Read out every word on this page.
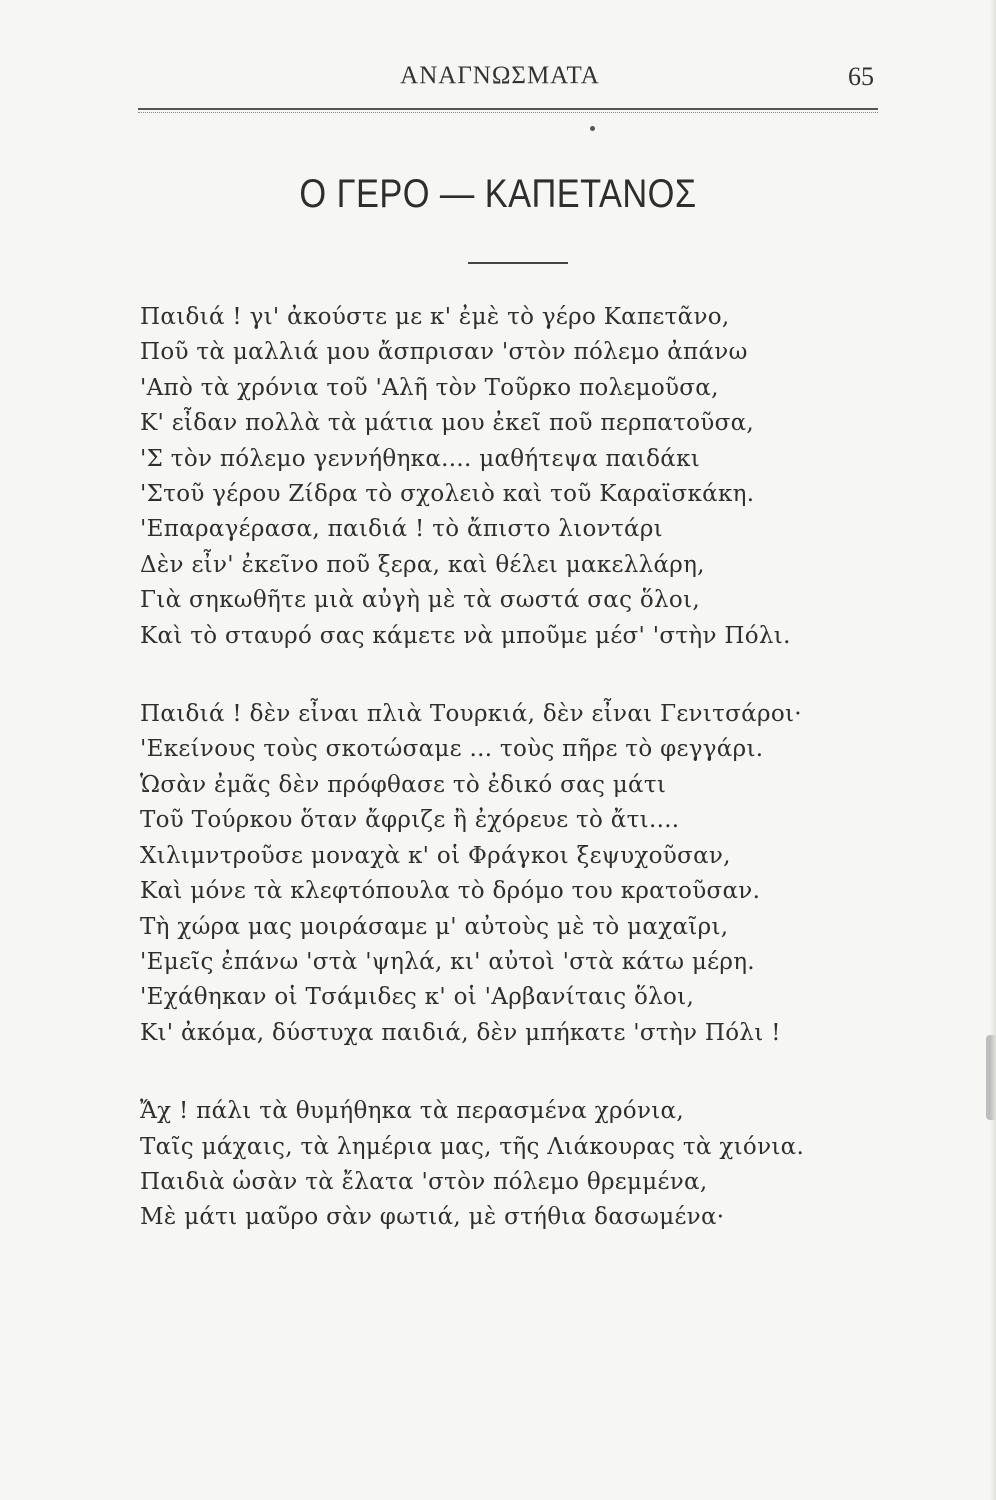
ΑΝΑΓΝΩΣΜΑΤΑ	65
Ο ΓΕΡΟ — ΚΑΠΕΤΑΝΟΣ
Παιδιά ! γι' ἀκούστε με κ' ἐμὲ τὸ γέρο Καπετᾶνο,
Ποῦ τὰ μαλλιά μου ἄσπρισαν 'στὸν πόλεμο ἀπάνω
'Απὸ τὰ χρόνια τοῦ 'Αλῆ τὸν Τοῦρκο πολεμοῦσα,
Κ' εἶδαν πολλὰ τὰ μάτια μου ἐκεῖ ποῦ περπατοῦσα,
'Σ τὸν πόλεμο γεννήθηκα.... μαθήτεψα παιδάκι
'Στοῦ γέρου Ζίδρα τὸ σχολειὸ καὶ τοῦ Καραϊσκάκη.
'Επαραγέρασα, παιδιά ! τὸ ἄπιστο λιοντάρι
Δὲν εἶν' ἐκεῖνο ποῦ ξερα, καὶ θέλει μακελλάρη,
Γιὰ σηκωθῆτε μιὰ αὐγὴ μὲ τὰ σωστά σας ὅλοι,
Καὶ τὸ σταυρό σας κάμετε νὰ μποῦμε μέσ' 'στὴν Πόλι.
Παιδιά ! δὲν εἶναι πλιὰ Τουρκιά, δὲν εἶναι Γενιτσάροι·
'Εκείνους τοὺς σκοτώσαμε ... τοὺς πῆρε τὸ φεγγάρι.
Ὡσὰν ἐμᾶς δὲν πρόφθασε τὸ ἐδικό σας μάτι
Τοῦ Τούρκου ὅταν ἄφριζε ἢ ἐχόρευε τὸ ἄτι....
Χιλιμντροῦσε μοναχὰ κ' οἱ Φράγκοι ξεψυχοῦσαν,
Καὶ μόνε τὰ κλεφτόπουλα τὸ δρόμο του κρατοῦσαν.
Τὴ χώρα μας μοιράσαμε μ' αὐτοὺς μὲ τὸ μαχαῖρι,
'Εμεῖς ἐπάνω 'στὰ 'ψηλά, κι' αὐτοὶ 'στὰ κάτω μέρη.
'Εχάθηκαν οἱ Τσάμιδες κ' οἱ 'Αρβανίταις ὅλοι,
Κι' ἀκόμα, δύστυχα παιδιά, δὲν μπήκατε 'στὴν Πόλι !
Ἄχ ! πάλι τὰ θυμήθηκα τὰ περασμένα χρόνια,
Ταῖς μάχαις, τὰ λημέρια μας, τῆς Λιάκουρας τὰ χιόνια.
Παιδιὰ ὡσὰν τὰ ἔλατα 'στὸν πόλεμο θρεμμένα,
Μὲ μάτι μαῦρο σὰν φωτιά, μὲ στήθια δασωμένα·
